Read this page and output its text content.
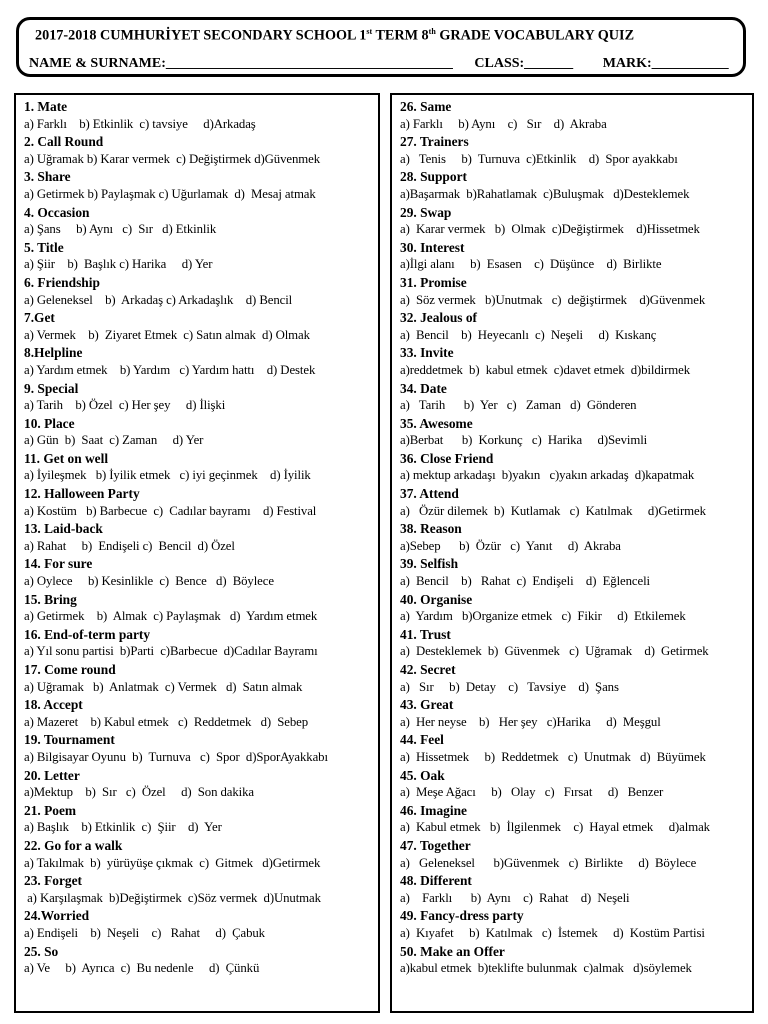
2017-2018 CUMHURİYET SECONDARY SCHOOL 1st TERM 8th GRADE VOCABULARY QUIZ
NAME & SURNAME:_________________________________________ CLASS:_______ MARK:___________
1. Mate
a) Farklı    b) Etkinlik  c) tavsiye     d)Arkadaş
2. Call Round
a) Uğramak b) Karar vermek  c) Değiştirmek d)Güvenmek
3. Share
a) Getirmek b) Paylaşmak c) Uğurlamak  d)  Mesaj atmak
4. Occasion
a) Şans     b) Aynı   c)  Sır   d) Etkinlik
5. Title
a) Şiir    b)  Başlık c) Harika     d) Yer
6. Friendship
a) Geleneksel    b)  Arkadaş c) Arkadaşlık    d) Bencil
7.Get
a) Vermek    b)  Ziyaret Etmek  c) Satın almak  d) Olmak
8.Helpline
a) Yardım etmek    b) Yardım   c) Yardım hattı    d) Destek
9. Special
a) Tarih    b) Özel  c) Her şey     d) İlişki
10. Place
a) Gün  b)  Saat  c) Zaman     d) Yer
11. Get on well
a) İyileşmek   b) İyilik etmek   c) iyi geçinmek    d) İyilik
12. Halloween Party
a) Kostüm   b) Barbecue  c)  Cadılar bayramı    d) Festival
13. Laid-back
a) Rahat     b)  Endişeli c)  Bencil  d) Özel
14. For sure
a) Oylece     b) Kesinlikle  c)  Bence   d)  Böylece
15. Bring
a) Getirmek    b)  Almak  c) Paylaşmak   d)  Yardım etmek
16. End-of-term party
a) Yıl sonu partisi  b)Parti  c)Barbecue  d)Cadılar Bayramı
17. Come round
a) Uğramak   b)  Anlatmak  c) Vermek   d)  Satın almak
18. Accept
a) Mazeret    b) Kabul etmek   c)  Reddetmek   d)  Sebep
19. Tournament
a) Bilgisayar Oyunu  b)  Turnuva   c)  Spor  d)SporAyakkabı
20. Letter
a)Mektup    b)  Sır   c)  Özel     d)  Son dakika
21. Poem
a) Başlık    b) Etkinlik  c)  Şiir    d)  Yer
22. Go for a walk
a) Takılmak  b)  yürüyüşe çıkmak  c)  Gitmek   d)Getirmek
23. Forget
a) Karşılaşmak  b)Değiştirmek  c)Söz vermek  d)Unutmak
24.Worried
a) Endişeli    b)  Neşeli    c)   Rahat     d)  Çabuk
25. So
a) Ve     b)  Ayrıca  c)  Bu nedenle     d)  Çünkü
26. Same
a) Farklı     b) Aynı    c)   Sır    d)  Akraba
27. Trainers
a)   Tenis     b)  Turnuva  c)Etkinlik    d)  Spor ayakkabı
28. Support
a)Başarmak  b)Rahatlamak  c)Buluşmak   d)Desteklemek
29. Swap
a)  Karar vermek   b)  Olmak  c)Değiştirmek    d)Hissetmek
30. Interest
a)İlgi alanı     b)  Esasen    c)  Düşünce    d)  Birlikte
31. Promise
a)  Söz vermek   b)Unutmak   c)  değiştirmek    d)Güvenmek
32. Jealous of
a)  Bencil    b)  Heyecanlı  c)  Neşeli     d)  Kıskanç
33. Invite
a)reddetmek  b)  kabul etmek  c)davet etmek  d)bildirmek
34. Date
a)   Tarih      b)  Yer   c)   Zaman   d)  Gönderen
35. Awesome
a)Berbat      b)  Korkunç   c)  Harika     d)Sevimli
36. Close Friend
a) mektup arkadaşı  b)yakın   c)yakın arkadaş  d)kapatmak
37. Attend
a)   Özür dilemek  b)  Kutlamak   c)  Katılmak     d)Getirmek
38. Reason
a)Sebep      b)  Özür   c)  Yanıt     d)  Akraba
39. Selfish
a)  Bencil    b)   Rahat  c)  Endişeli    d)  Eğlenceli
40. Organise
a)  Yardım   b)Organize etmek   c)  Fikir     d)  Etkilemek
41. Trust
a)  Desteklemek  b)  Güvenmek   c)  Uğramak    d)  Getirmek
42. Secret
a)   Sır     b)  Detay    c)   Tavsiye    d)  Şans
43. Great
a)  Her neyse    b)   Her şey   c)Harika     d)  Meşgul
44. Feel
a)  Hissetmek     b)  Reddetmek   c)  Unutmak   d)  Büyümek
45. Oak
a)  Meşe Ağacı     b)   Olay   c)   Fırsat     d)   Benzer
46. Imagine
a)  Kabul etmek   b)  İlgilenmek    c)  Hayal etmek     d)almak
47. Together
a)   Geleneksel      b)Güvenmek   c)  Birlikte     d)  Böylece
48. Different
a)    Farklı      b)  Aynı    c)  Rahat    d)  Neşeli
49. Fancy-dress party
a)  Kıyafet     b)  Katılmak   c)  İstemek     d)  Kostüm Partisi
50. Make an Offer
a)kabul etmek  b)teklifte bulunmak  c)almak   d)söylemek
